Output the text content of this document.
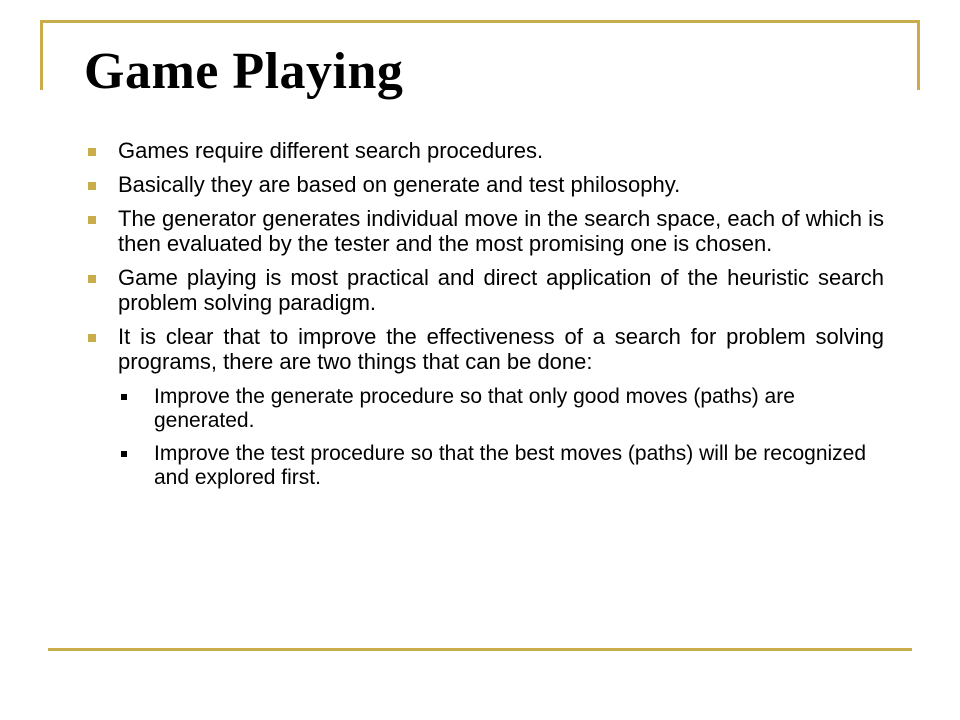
Game Playing
Games require different search procedures.
Basically they are based on generate and test philosophy.
The generator generates individual move in the search space, each of which is then evaluated by the tester and the most promising one is chosen.
Game playing is most practical and direct application of the heuristic search problem solving paradigm.
It is clear that to improve the effectiveness of a search for problem solving programs, there are two things that can be done:
Improve the generate procedure so that only good moves (paths) are generated.
Improve the test procedure so that the best moves (paths) will be recognized and explored first.
